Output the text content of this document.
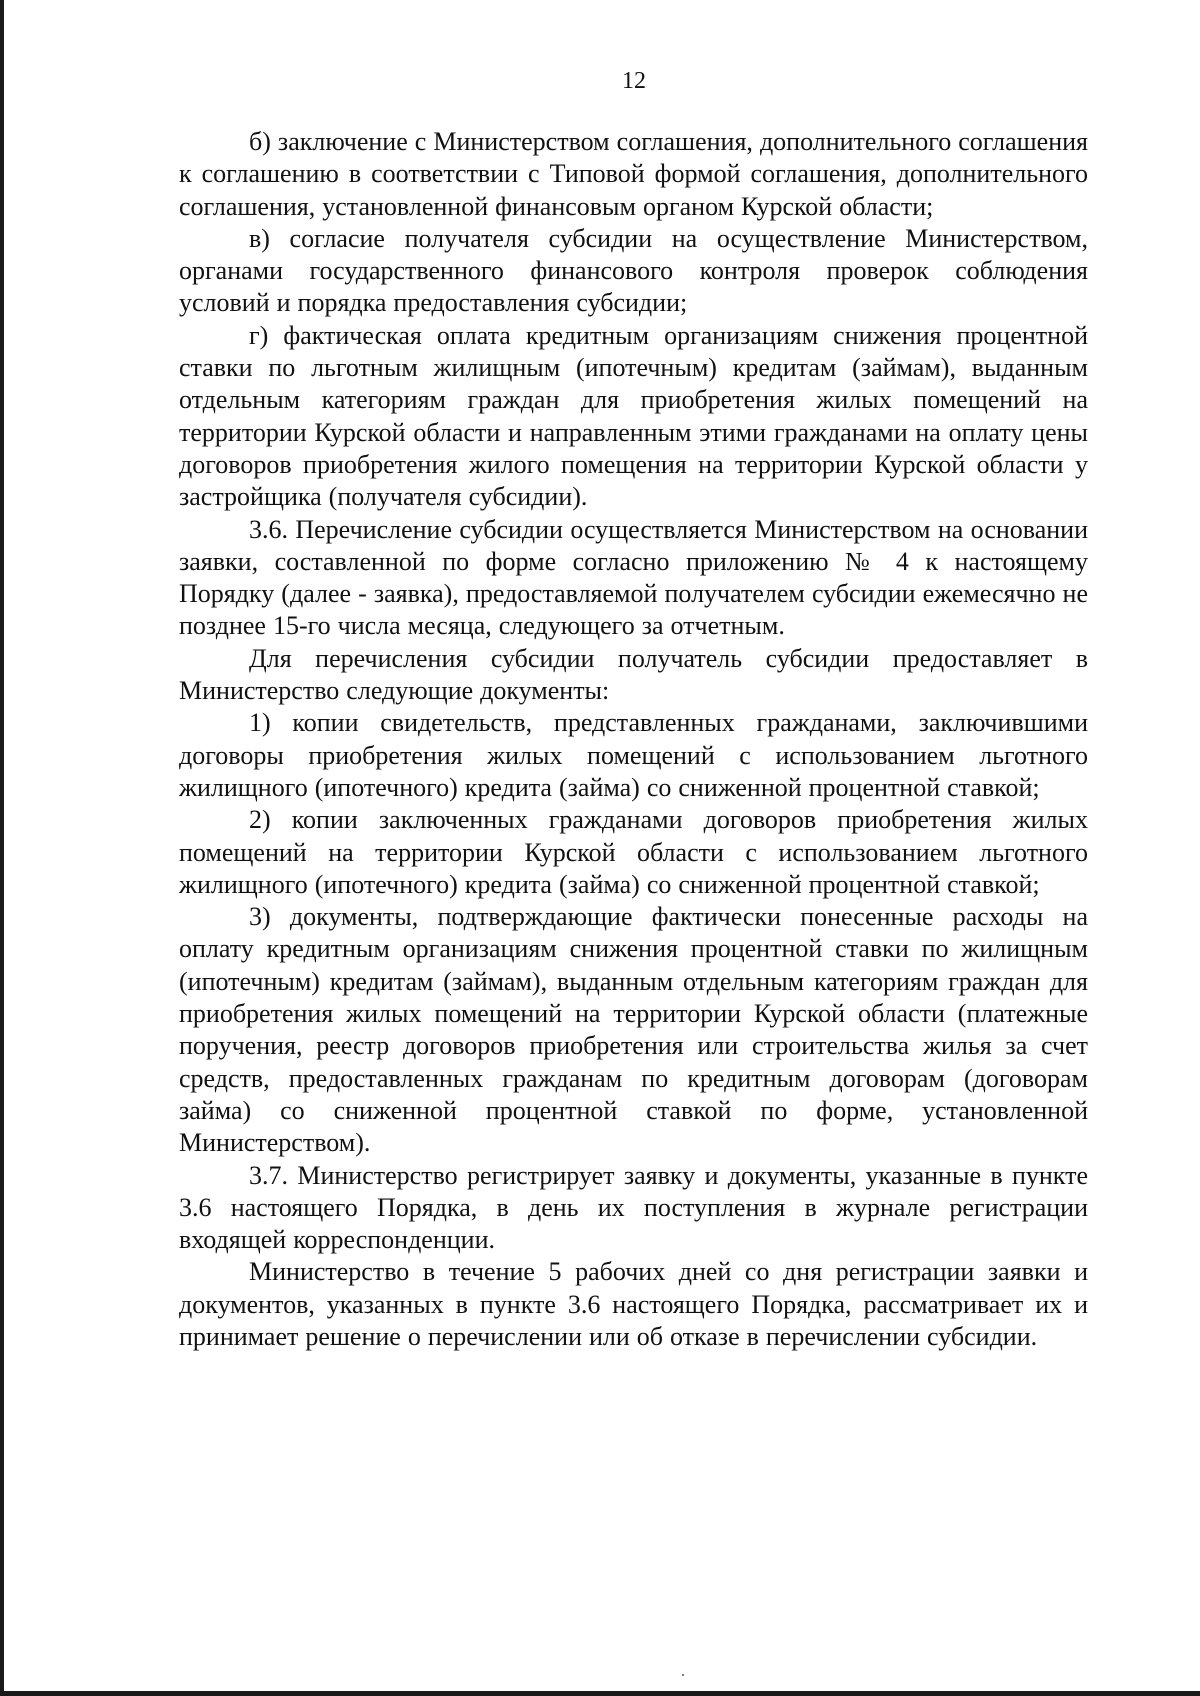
12

б) заключение с Министерством соглашения, дополнительного соглашения к соглашению в соответствии с Типовой формой соглашения, дополнительного соглашения, установленной финансовым органом Курской области;

в) согласие получателя субсидии на осуществление Министерством, органами государственного финансового контроля проверок соблюдения условий и порядка предоставления субсидии;

г) фактическая оплата кредитным организациям снижения процентной ставки по льготным жилищным (ипотечным) кредитам (займам), выданным отдельным категориям граждан для приобретения жилых помещений на территории Курской области и направленным этими гражданами на оплату цены договоров приобретения жилого помещения на территории Курской области у застройщика (получателя субсидии).

3.6. Перечисление субсидии осуществляется Министерством на основании заявки, составленной по форме согласно приложению № 4 к настоящему Порядку (далее - заявка), предоставляемой получателем субсидии ежемесячно не позднее 15-го числа месяца, следующего за отчетным.

Для перечисления субсидии получатель субсидии предоставляет в Министерство следующие документы:

1) копии свидетельств, представленных гражданами, заключившими договоры приобретения жилых помещений с использованием льготного жилищного (ипотечного) кредита (займа) со сниженной процентной ставкой;

2) копии заключенных гражданами договоров приобретения жилых помещений на территории Курской области с использованием льготного жилищного (ипотечного) кредита (займа) со сниженной процентной ставкой;

3) документы, подтверждающие фактически понесенные расходы на оплату кредитным организациям снижения процентной ставки по жилищным (ипотечным) кредитам (займам), выданным отдельным категориям граждан для приобретения жилых помещений на территории Курской области (платежные поручения, реестр договоров приобретения или строительства жилья за счет средств, предоставленных гражданам по кредитным договорам (договорам займа) со сниженной процентной ставкой по форме, установленной Министерством).

3.7. Министерство регистрирует заявку и документы, указанные в пункте 3.6 настоящего Порядка, в день их поступления в журнале регистрации входящей корреспонденции.

Министерство в течение 5 рабочих дней со дня регистрации заявки и документов, указанных в пункте 3.6 настоящего Порядка, рассматривает их и принимает решение о перечислении или об отказе в перечислении субсидии.
